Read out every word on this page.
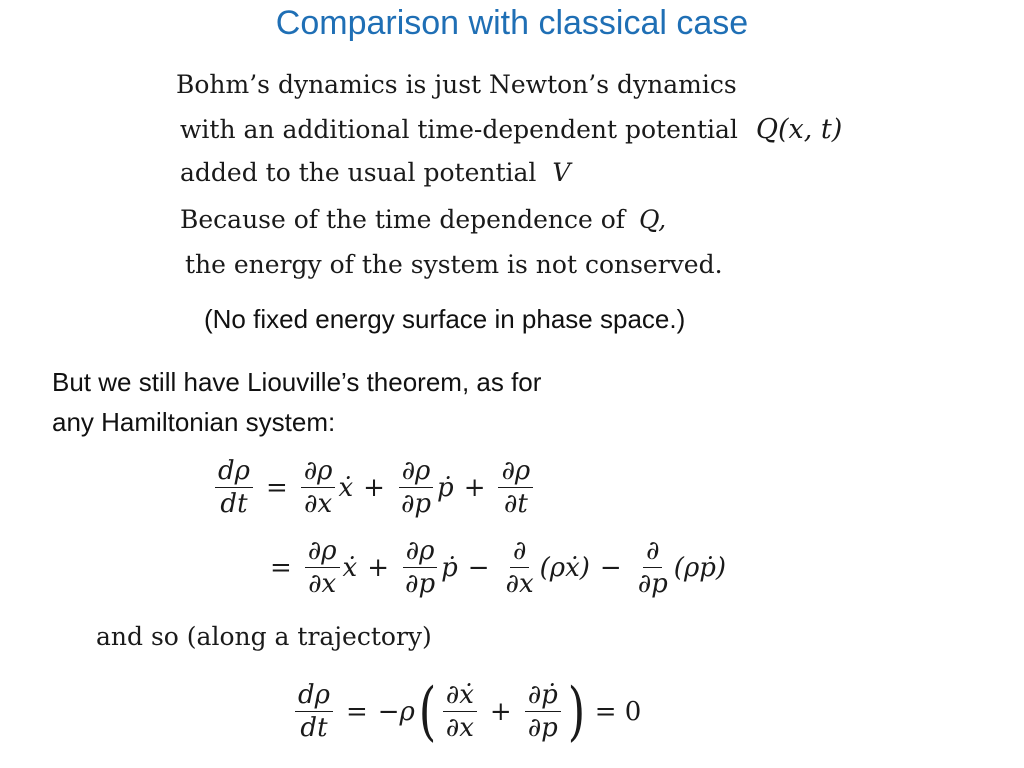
Comparison with classical case
Bohm’s dynamics is just Newton’s dynamics
with an additional time-dependent potential Q(x, t)
added to the usual potential V
Because of the time dependence of Q,
the energy of the system is not conserved.
(No fixed energy surface in phase space.)
But we still have Liouville’s theorem, as for
any Hamiltonian system:
$\frac{d\rho}{dt} = \frac{\partial\rho}{\partial x}$ ẋ + $\frac{\partial\rho}{\partial p}$ ṗ + $\frac{\partial\rho}{\partial t}$
= $\frac{\partial\rho}{\partial x}$ ẋ + $\frac{\partial\rho}{\partial p}$ ṗ − $\frac{\partial}{\partial x}$ (ρẋ) − $\frac{\partial}{\partial p}$ (ρṗ)
and so (along a trajectory)
$\frac{d\rho}{dt} = -\rho$ ( $\frac{\text{∂ẋ}}{\partial x} + \frac{\text{∂ṗ}}{\partial p}$ ) = 0
